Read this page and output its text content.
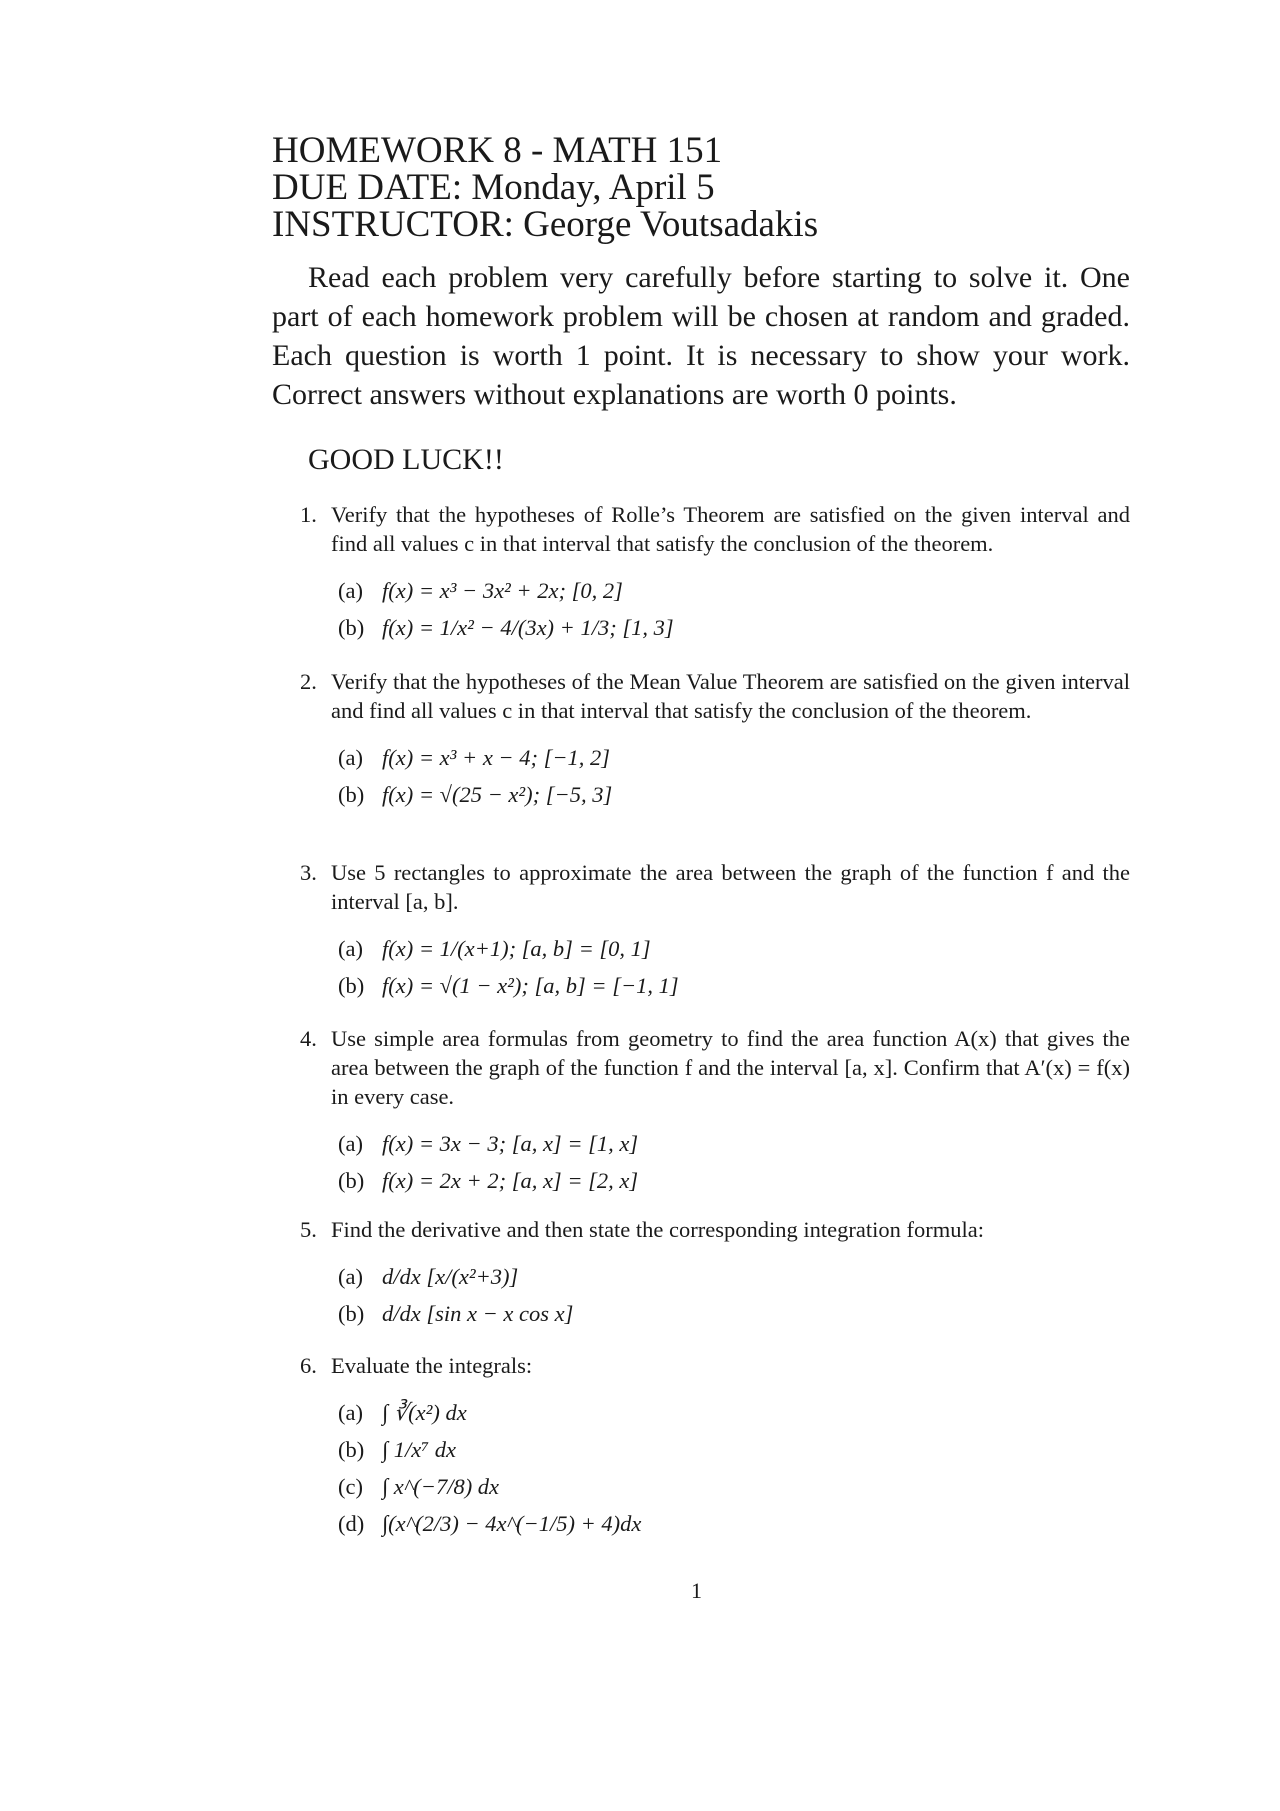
HOMEWORK 8 - MATH 151
DUE DATE: Monday, April 5
INSTRUCTOR: George Voutsadakis

Read each problem very carefully before starting to solve it. One part of each homework problem will be chosen at random and graded. Each question is worth 1 point. It is necessary to show your work. Correct answers without explanations are worth 0 points.

GOOD LUCK!!
1. Verify that the hypotheses of Rolle’s Theorem are satisfied on the given interval and find all values c in that interval that satisfy the conclusion of the theorem.
(a) f(x) = x³ − 3x² + 2x; [0, 2]
(b) f(x) = 1/x² − 4/(3x) + 1/3; [1, 3]
2. Verify that the hypotheses of the Mean Value Theorem are satisfied on the given interval and find all values c in that interval that satisfy the conclusion of the theorem.
(a) f(x) = x³ + x − 4; [−1, 2]
(b) f(x) = √(25 − x²); [−5, 3]
3. Use 5 rectangles to approximate the area between the graph of the function f and the interval [a, b].
(a) f(x) = 1/(x+1); [a, b] = [0, 1]
(b) f(x) = √(1 − x²); [a, b] = [−1, 1]
4. Use simple area formulas from geometry to find the area function A(x) that gives the area between the graph of the function f and the interval [a, x]. Confirm that A′(x) = f(x) in every case.
(a) f(x) = 3x − 3; [a, x] = [1, x]
(b) f(x) = 2x + 2; [a, x] = [2, x]
5. Find the derivative and then state the corresponding integration formula:
(a) d/dx [x/(x²+3)]
(b) d/dx [sin x − x cos x]
6. Evaluate the integrals:
(a) ∫ ∛(x²) dx
(b) ∫ 1/x⁷ dx
(c) ∫ x^(−7/8) dx
(d) ∫(x^(2/3) − 4x^(−1/5) + 4)dx
1
